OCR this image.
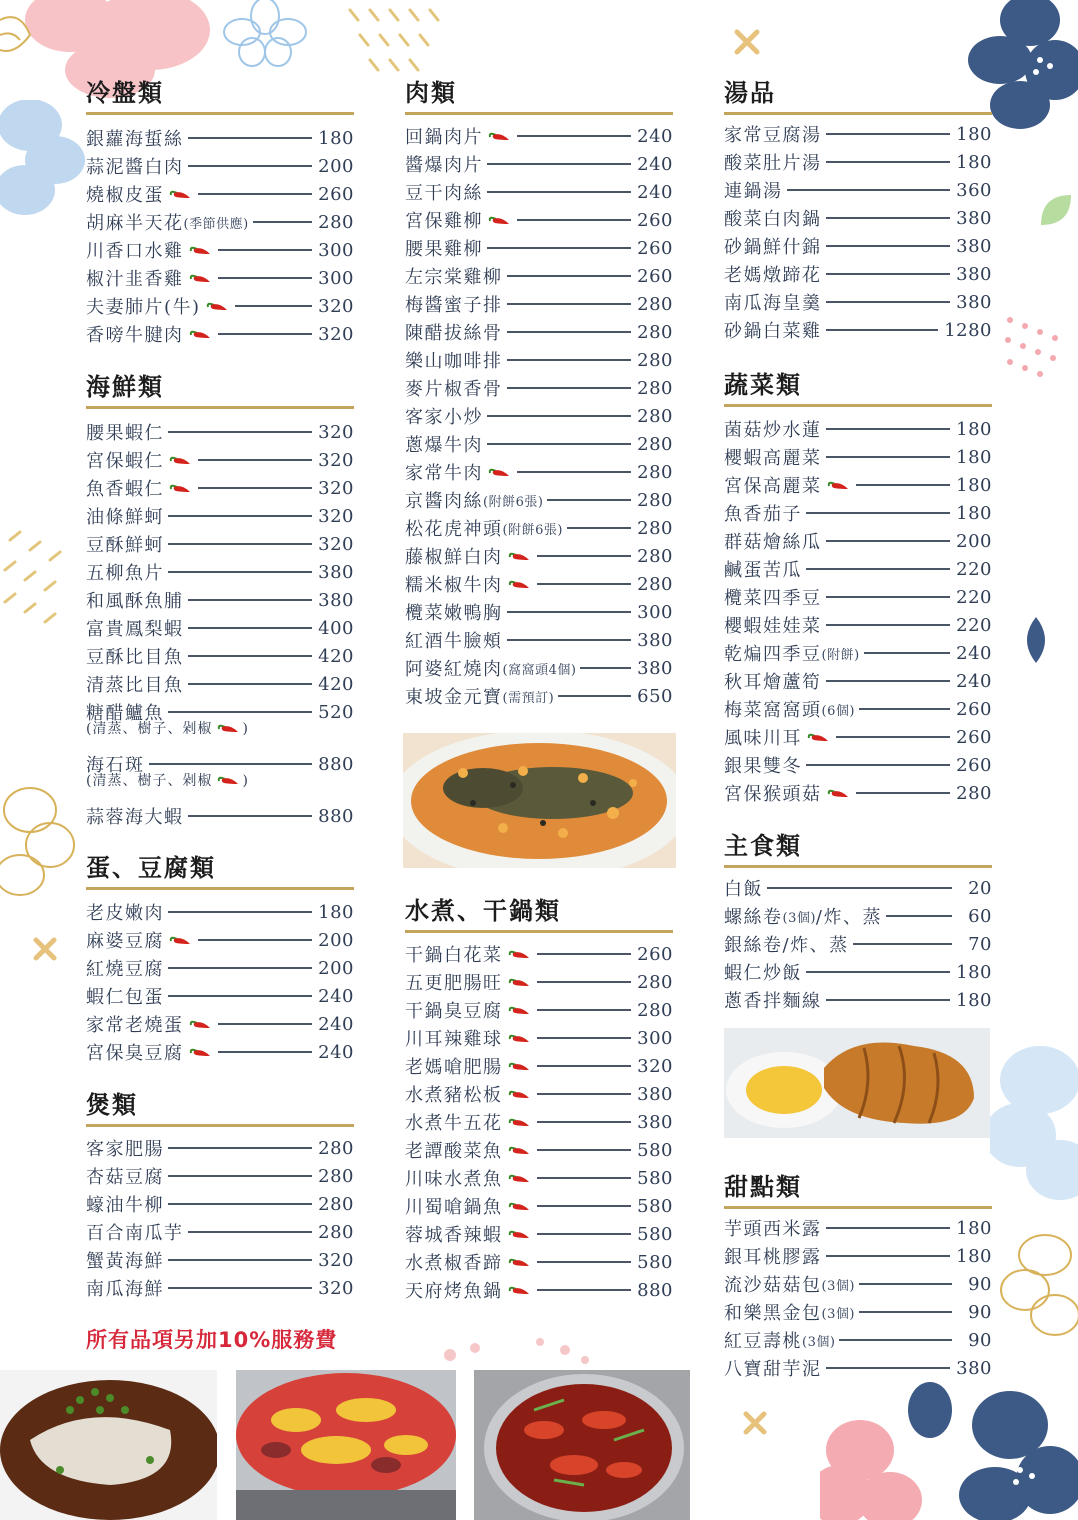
冷盤類
銀蘿海蜇絲	180
蒜泥醬白肉	200
燒椒皮蛋	260
胡麻半天花 (季節供應)	280
川香口水雞	300
椒汁韭香雞	300
夫妻肺片(牛)	320
香嗙牛腱肉	320
海鮮類
腰果蝦仁	320
宮保蝦仁	320
魚香蝦仁	320
油條鮮蚵	320
豆酥鮮蚵	320
五柳魚片	380
和風酥魚脯	380
富貴鳳梨蝦	400
豆酥比目魚	420
清蒸比目魚	420
糖醋鱸魚	520
(清蒸、樹子、剁椒 )
海石斑	880
(清蒸、樹子、剁椒 )
蒜蓉海大蝦	880
蛋、豆腐類
老皮嫩肉	180
麻婆豆腐	200
紅燒豆腐	200
蝦仁包蛋	240
家常老燒蛋	240
宮保臭豆腐	240
煲類
客家肥腸	280
杏菇豆腐	280
蠔油牛柳	280
百合南瓜芋	280
蟹黃海鮮	320
南瓜海鮮	320
所有品項另加10%服務費
肉類
回鍋肉片	240
醬爆肉片	240
豆干肉絲	240
宮保雞柳	260
腰果雞柳	260
左宗棠雞柳	260
梅醬蜜子排	280
陳醋拔絲骨	280
樂山咖啡排	280
麥片椒香骨	280
客家小炒	280
蔥爆牛肉	280
家常牛肉	280
京醬肉絲 (附餅6張)	280
松花虎神頭 (附餅6張)	280
藤椒鮮白肉	280
糯米椒牛肉	280
欖菜嫩鴨胸	300
紅酒牛臉頰	380
阿婆紅燒肉 (窩窩頭4個)	380
東坡金元寶 (需預訂)	650
水煮、干鍋類
干鍋白花菜	260
五更肥腸旺	280
干鍋臭豆腐	280
川耳辣雞球	300
老媽嗆肥腸	320
水煮豬松板	380
水煮牛五花	380
老譚酸菜魚	580
川味水煮魚	580
川蜀嗆鍋魚	580
蓉城香辣蝦	580
水煮椒香蹄	580
天府烤魚鍋	880
湯品
家常豆腐湯	180
酸菜肚片湯	180
連鍋湯	360
酸菜白肉鍋	380
砂鍋鮮什錦	380
老媽燉蹄花	380
南瓜海皇羹	380
砂鍋白菜雞	1280
蔬菜類
菌菇炒水蓮	180
櫻蝦高麗菜	180
宮保高麗菜	180
魚香茄子	180
群菇燴絲瓜	200
鹹蛋苦瓜	220
欖菜四季豆	220
櫻蝦娃娃菜	220
乾煸四季豆 (附餅)	240
秋耳燴蘆筍	240
梅菜窩窩頭 (6個)	260
風味川耳	260
銀果雙冬	260
宮保猴頭菇	280
主食類
白飯	20
螺絲卷 (3個) /炸、蒸	60
銀絲卷/炸、蒸	70
蝦仁炒飯	180
蔥香拌麵線	180
甜點類
芋頭西米露	180
銀耳桃膠露	180
流沙菇菇包 (3個)	90
和樂黑金包 (3個)	90
紅豆壽桃 (3個)	90
八寶甜芋泥	380
